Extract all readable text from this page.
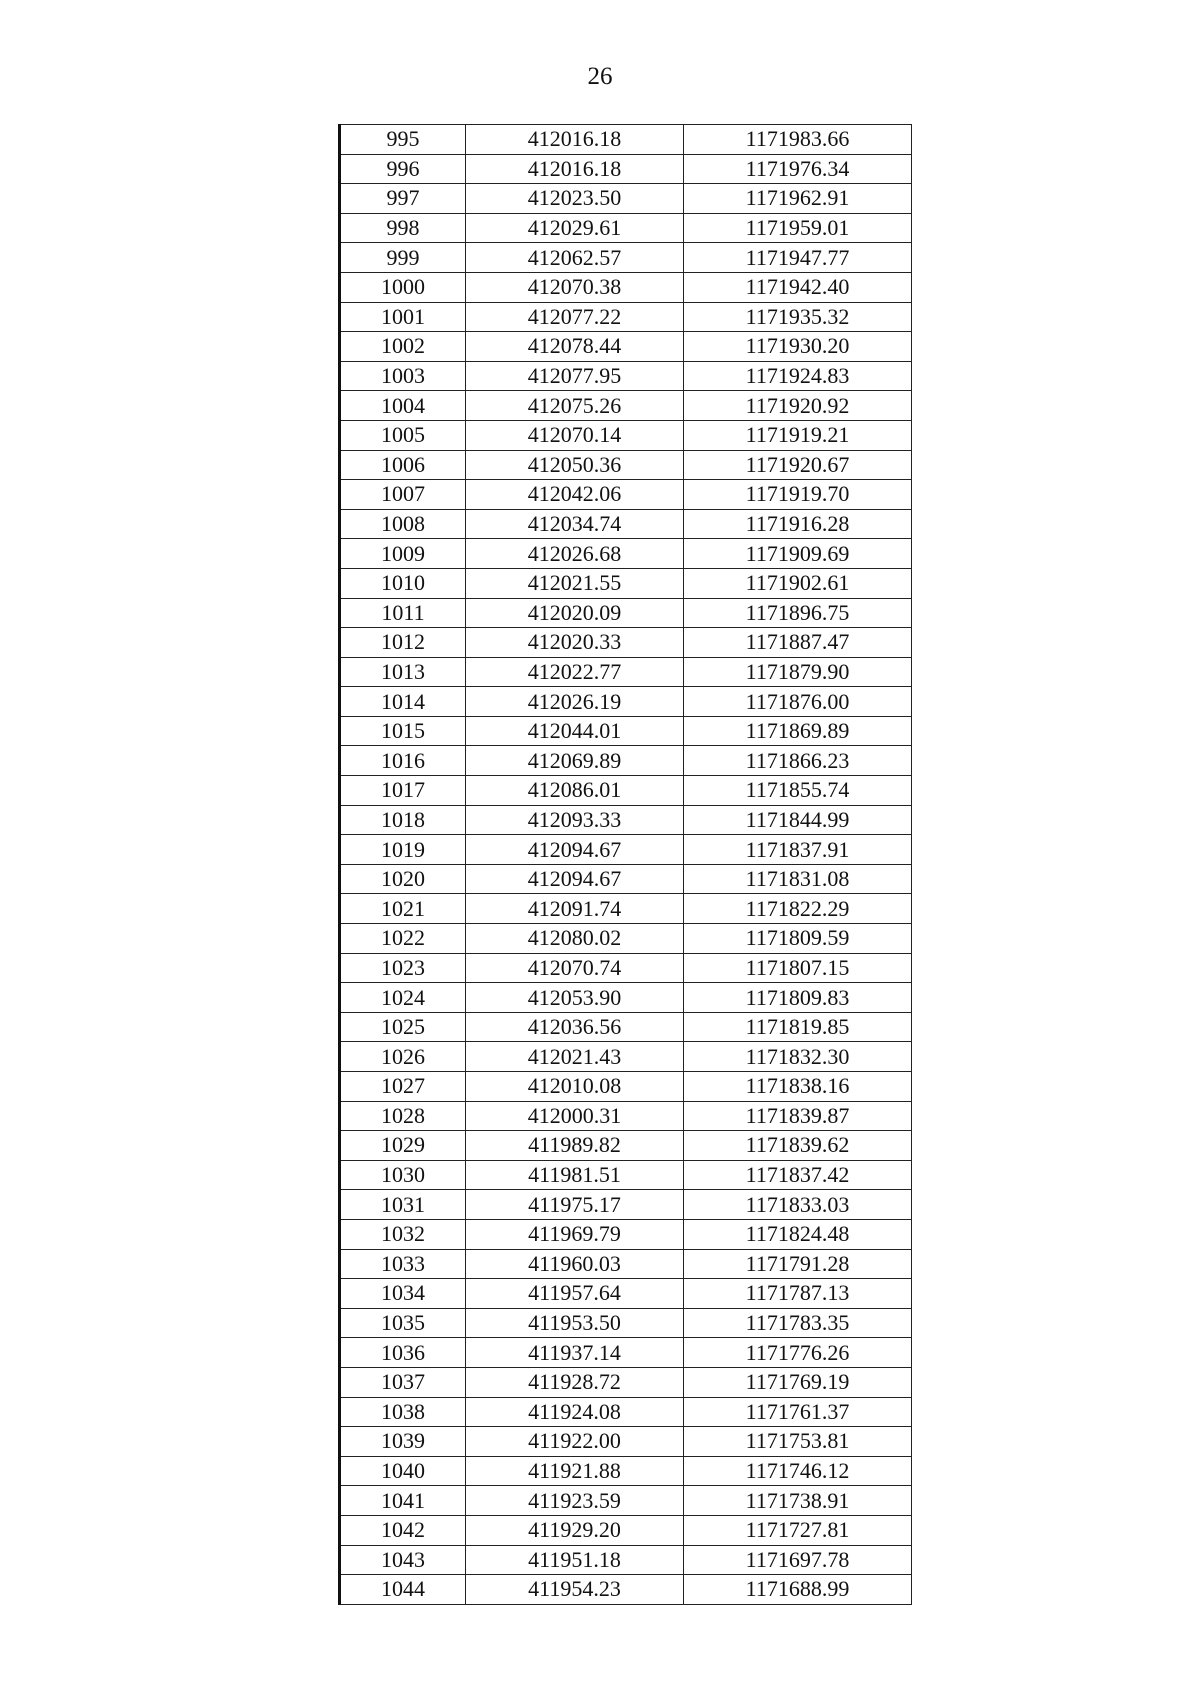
26
995	412016.18	1171983.66
996	412016.18	1171976.34
997	412023.50	1171962.91
998	412029.61	1171959.01
999	412062.57	1171947.77
1000	412070.38	1171942.40
1001	412077.22	1171935.32
1002	412078.44	1171930.20
1003	412077.95	1171924.83
1004	412075.26	1171920.92
1005	412070.14	1171919.21
1006	412050.36	1171920.67
1007	412042.06	1171919.70
1008	412034.74	1171916.28
1009	412026.68	1171909.69
1010	412021.55	1171902.61
1011	412020.09	1171896.75
1012	412020.33	1171887.47
1013	412022.77	1171879.90
1014	412026.19	1171876.00
1015	412044.01	1171869.89
1016	412069.89	1171866.23
1017	412086.01	1171855.74
1018	412093.33	1171844.99
1019	412094.67	1171837.91
1020	412094.67	1171831.08
1021	412091.74	1171822.29
1022	412080.02	1171809.59
1023	412070.74	1171807.15
1024	412053.90	1171809.83
1025	412036.56	1171819.85
1026	412021.43	1171832.30
1027	412010.08	1171838.16
1028	412000.31	1171839.87
1029	411989.82	1171839.62
1030	411981.51	1171837.42
1031	411975.17	1171833.03
1032	411969.79	1171824.48
1033	411960.03	1171791.28
1034	411957.64	1171787.13
1035	411953.50	1171783.35
1036	411937.14	1171776.26
1037	411928.72	1171769.19
1038	411924.08	1171761.37
1039	411922.00	1171753.81
1040	411921.88	1171746.12
1041	411923.59	1171738.91
1042	411929.20	1171727.81
1043	411951.18	1171697.78
1044	411954.23	1171688.99
